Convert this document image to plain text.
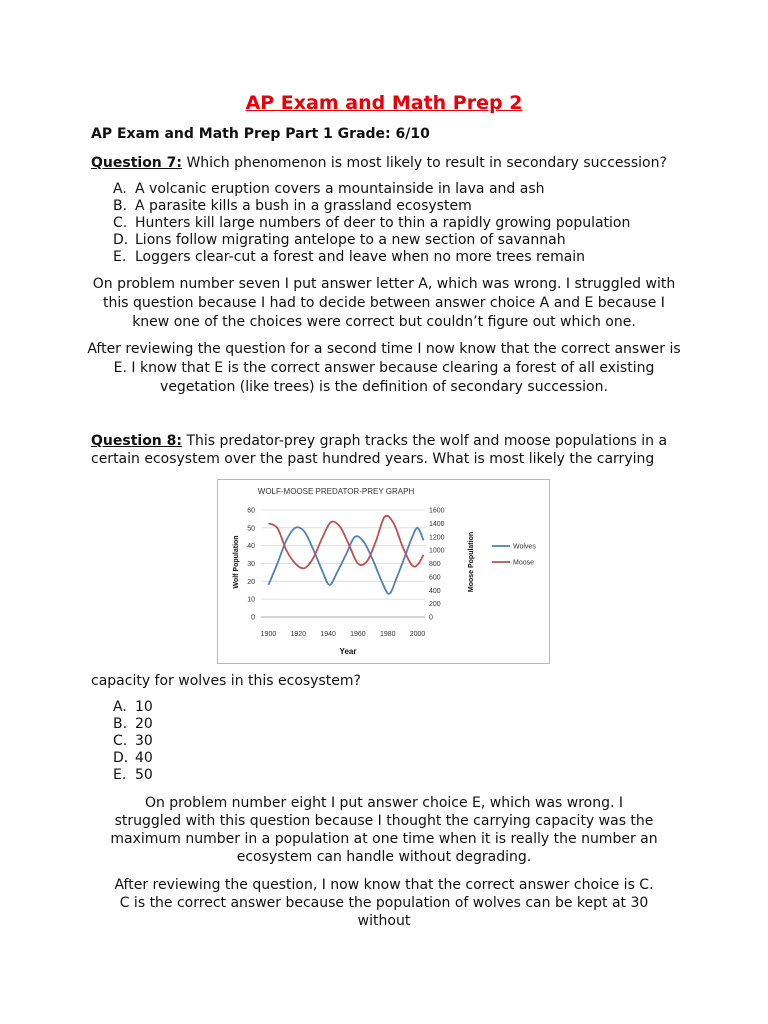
AP Exam and Math Prep 2
AP Exam and Math Prep Part 1 Grade: 6/10
Question 7: Which phenomenon is most likely to result in secondary succession?
A. A volcanic eruption covers a mountainside in lava and ash
B. A parasite kills a bush in a grassland ecosystem
C. Hunters kill large numbers of deer to thin a rapidly growing population
D. Lions follow migrating antelope to a new section of savannah
E. Loggers clear-cut a forest and leave when no more trees remain
On problem number seven I put answer letter A, which was wrong. I struggled with this question because I had to decide between answer choice A and E because I knew one of the choices were correct but couldn’t figure out which one.
After reviewing the question for a second time I now know that the correct answer is E. I know that E is the correct answer because clearing a forest of all existing vegetation (like trees) is the definition of secondary succession.
Question 8: This predator-prey graph tracks the wolf and moose populations in a
certain ecosystem over the past hundred years. What is most likely the carrying
WOLF-MOOSE PREDATOR-PREY GRAPH
Wolf Population	Moose Population
Year
0
10
20
30
40
50
60
0
200
400
600
800
1000
1200
1400
1600
1900 1920 1940 1960 1980 2000
Wolves
Moose
capacity for wolves in this ecosystem?
A. 10
B. 20
C. 30
D. 40
E. 50
On problem number eight I put answer choice E, which was wrong. I struggled with this question because I thought the carrying capacity was the maximum number in a population at one time when it is really the number an ecosystem can handle without degrading.
After reviewing the question, I now know that the correct answer choice is C. C is the correct answer because the population of wolves can be kept at 30 without
